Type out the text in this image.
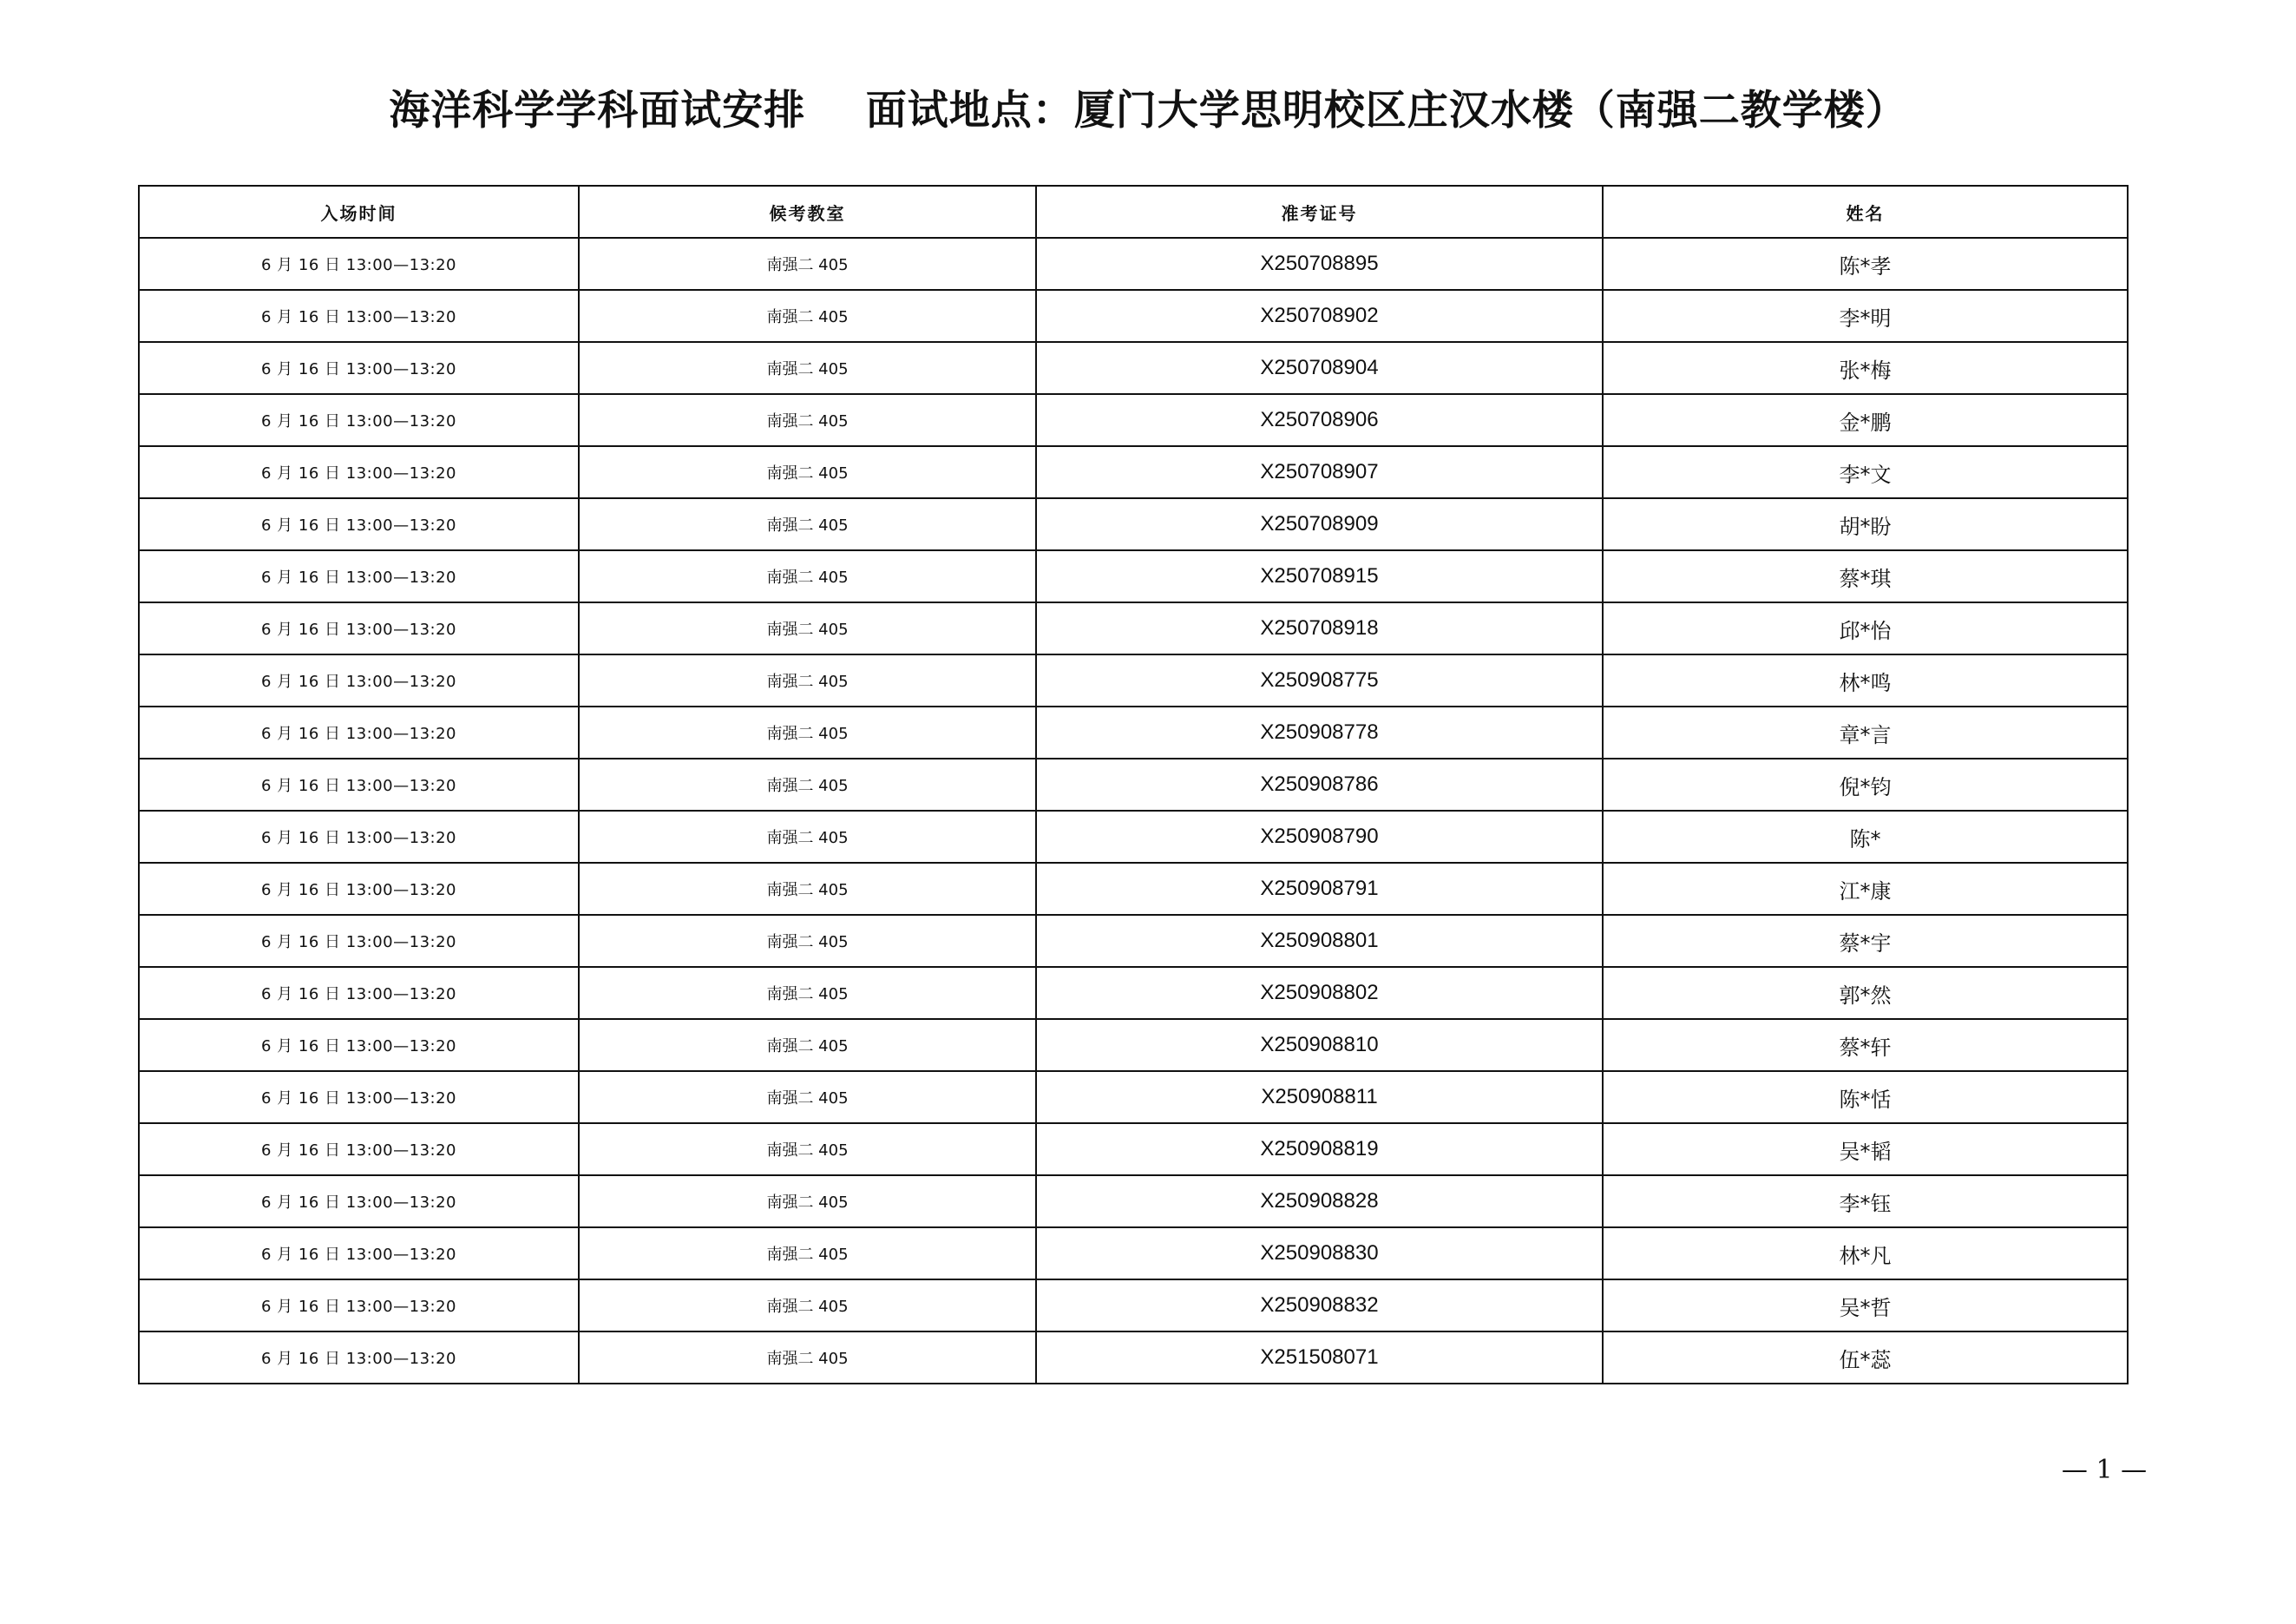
海洋科学学科面试安排    面试地点：厦门大学思明校区庄汉水楼（南强二教学楼）
入场时间	候考教室	准考证号	姓名
6 月 16 日 13:00—13:20	南强二 405	X250708895	陈*孝
6 月 16 日 13:00—13:20	南强二 405	X250708902	李*明
6 月 16 日 13:00—13:20	南强二 405	X250708904	张*梅
6 月 16 日 13:00—13:20	南强二 405	X250708906	金*鹏
6 月 16 日 13:00—13:20	南强二 405	X250708907	李*文
6 月 16 日 13:00—13:20	南强二 405	X250708909	胡*盼
6 月 16 日 13:00—13:20	南强二 405	X250708915	蔡*琪
6 月 16 日 13:00—13:20	南强二 405	X250708918	邱*怡
6 月 16 日 13:00—13:20	南强二 405	X250908775	林*鸣
6 月 16 日 13:00—13:20	南强二 405	X250908778	章*言
6 月 16 日 13:00—13:20	南强二 405	X250908786	倪*钧
6 月 16 日 13:00—13:20	南强二 405	X250908790	陈*
6 月 16 日 13:00—13:20	南强二 405	X250908791	江*康
6 月 16 日 13:00—13:20	南强二 405	X250908801	蔡*宇
6 月 16 日 13:00—13:20	南强二 405	X250908802	郭*然
6 月 16 日 13:00—13:20	南强二 405	X250908810	蔡*轩
6 月 16 日 13:00—13:20	南强二 405	X250908811	陈*恬
6 月 16 日 13:00—13:20	南强二 405	X250908819	吴*韬
6 月 16 日 13:00—13:20	南强二 405	X250908828	李*钰
6 月 16 日 13:00—13:20	南强二 405	X250908830	林*凡
6 月 16 日 13:00—13:20	南强二 405	X250908832	吴*哲
6 月 16 日 13:00—13:20	南强二 405	X251508071	伍*蕊
— 1 —
